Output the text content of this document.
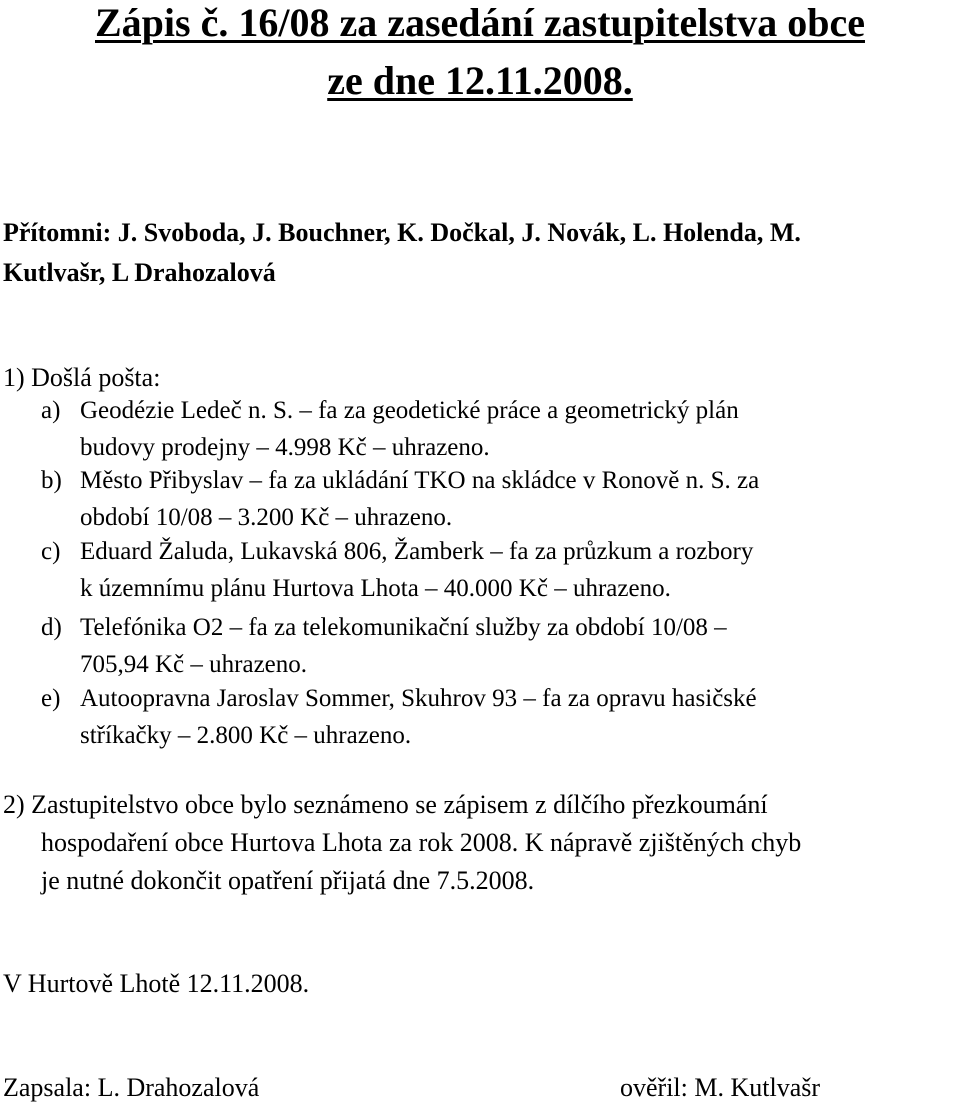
Zápis č. 16/08 za zasedání zastupitelstva obce
ze dne 12.11.2008.
Přítomni: J. Svoboda, J. Bouchner, K. Dočkal, J. Novák, L. Holenda, M.
Kutlvašr, L Drahozalová
1) Došlá pošta:
a) Geodézie Ledeč n. S. – fa za geodetické práce a geometrický plán
budovy prodejny – 4.998 Kč – uhrazeno.
b) Město Přibyslav – fa za ukládání TKO na skládce v Ronově n. S. za
období 10/08 – 3.200 Kč – uhrazeno.
c) Eduard Žaluda, Lukavská 806, Žamberk – fa za průzkum a rozbory
k územnímu plánu Hurtova Lhota – 40.000 Kč – uhrazeno.
d) Telefónika O2 – fa za telekomunikační služby za období 10/08 –
705,94 Kč – uhrazeno.
e) Autoopravna Jaroslav Sommer, Skuhrov 93 – fa za opravu hasičské
stříkačky – 2.800 Kč – uhrazeno.
2) Zastupitelstvo obce bylo seznámeno se zápisem z dílčího přezkoumání
hospodaření obce Hurtova Lhota za rok 2008. K nápravě zjištěných chyb
je nutné dokončit opatření přijatá dne 7.5.2008.
V Hurtově Lhotě 12.11.2008.
Zapsala: L. Drahozalová	ověřil: M. Kutlvašr
